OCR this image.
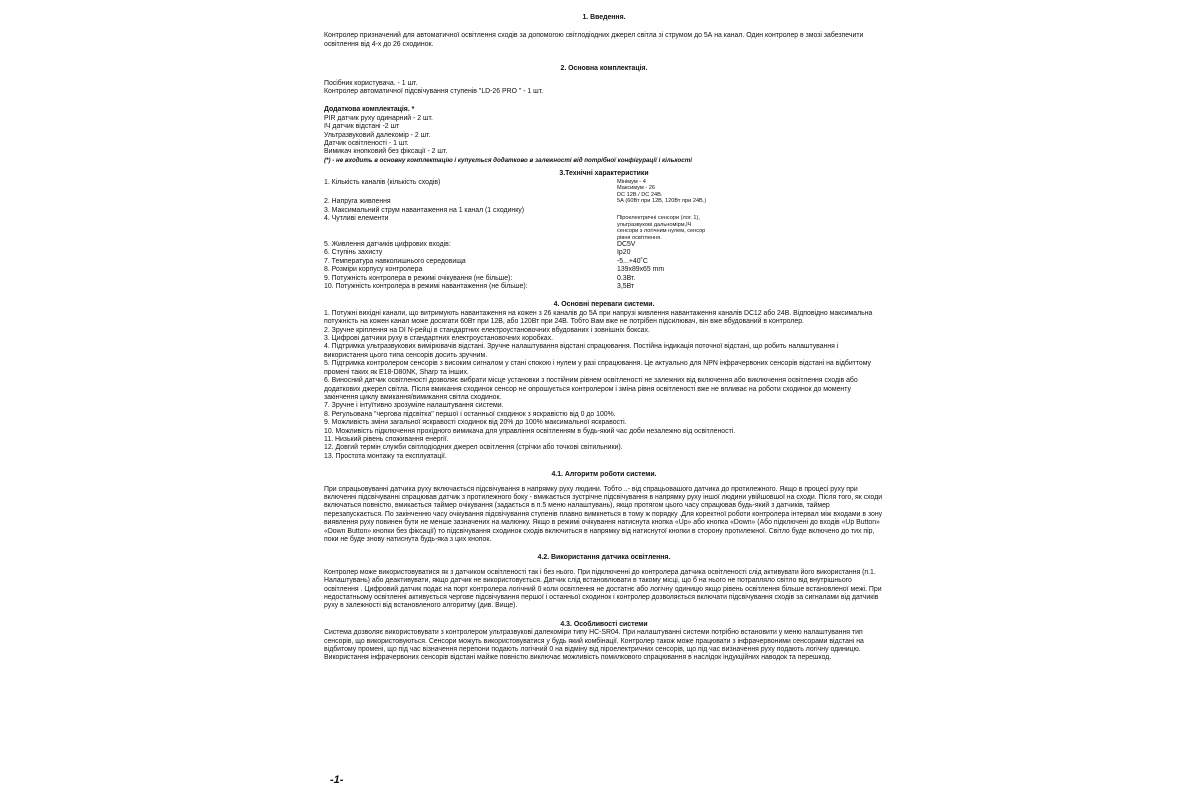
1. Введення.

Контролер призначений для автоматичної освітлення сходів за допомогою світлодіодних джерел світла зі струмом до 5А на канал. Один контролер в змозі забезпечити освітлення від 4-х до 26 сходинок.

2. Основна комплектація.

Посібник користувача. - 1 шт.

Контролер автоматичної підсвічування ступенів "LD-26 PRO " - 1 шт.

Додаткова комплектація. *

PIR датчик руху одинарний - 2 шт.

ІЧ датчик відстані -2 шт

Ультразвуковий далекомір - 2 шт.

Датчик освітленості - 1 шт.

Вимикач кнопковий без фіксації - 2 шт.

(*) - не входить в основну комплектацію і купується додатково в залежності від потрібної конфігурації і кількості

3.Технічні характеристики

1. Кількість каналів (кількість сходів)	Мінімум - 4
Максимум - 26
DC 12В / DC 24В.
2. Напруга живлення	5А (60Вт при 12В, 120Вт при 24В.)
3. Максимальний струм навантаження на 1 канал (1 сходинку)
4. Чутливі елементи	Піроелектричні сенсори (лог. 1),
ультразвукові дальномірм,ІЧ
сенсори з логічним нулем, сенсор
рівня освітлення.
5. Живлення датчиків цифрових входів:	DC5V
6. Ступінь захисту	Ip20
7. Температура навколишнього середовища	-5...+40˚C
8. Розміри корпусу контролера	139х89х65 mm
9. Потужність контролера в режимі очікування (не більше):	0.3Вт.
10. Потужність контролера в режимі навантаження (не більше):	3,5Вт

4. Основні переваги системи.

1. Потужні вихідні канали, що витримують навантаження на кожен з 26 каналів до 5А при напрузі живлення навантаження каналів DC12 або 24В. Відповідно максимальна потужність на кожен канал може досягати 60Вт при 12В, або 120Вт при 24В. Тобто Вам вже не потрібен підсилювач, він вже вбудований в контролер.

2. Зручне кріплення на DI N-рейці в стандартних електроустановочних вбудованих і зовнішніх боксах.

3. Цифрові датчики руху в стандартних електроустановочних коробках.

4. Підтримка ультразвукових вимірювачів відстані. Зручне налаштування відстані спрацювання. Постійна індикація поточної відстані, що робить налаштування і використання цього типа сенсорів досить зручним.

5. Підтримка контролером сенсорів з високим сигналом у стані спокою і нулем у разі спрацювання. Це актуально для NPN інфрачервоних сенсорів відстані на відбиттому промені таких як E18-D80NK, Sharp та інших.

6. Виносний датчик освітленості дозволяє вибрати місце установки з постійним рівнем освітленості не залежних від включення або виключення освітлення сходів або додаткових джерел світла. Після вмикання сходинок сенсор не опрошується контролером і зміна рівня освітленості вже не впливає на роботи сходинок до моменту закінчення циклу вмикання/вимикання світла сходинок.

7. Зручне і інтуїтивно зрозуміле налаштування системи.

8. Регульована "чергова підсвітка" першої і останньої сходинок з яскравістю від 0 до 100%.

9. Можливість зміни загальної яскравості сходинок від 20% до 100% максимальної яскравості.

10. Можливість підключення прохідного вимикача для управління освітленням в будь-який час доби незалежно від освітленості.

11. Низький рівень споживання енергії.

12. Довгий термін служби світлодіодних джерел освітлення (стрічки або точкові світильники).

13. Простота монтажу та експлуатації.

4.1. Алгоритм роботи системи.

При спрацьовуванні датчика руху включається підсвічування в напрямку руху людини. Тобто ..- від спрацьовашого датчика до протилежного. Якщо в процесі руху при включенні підсвічуванні спрацював датчик з протилежного боку - вмикається зустрічне підсвічування в напрямку руху іншої людини увійшовшої на сходи. Після того, як сходи включаться повністю, вмикається таймер очікування (задається в п.5 меню налаштувань), якщо протягом цього часу спрацював будь-який з датчиків, таймер перезапускається. По закінченню часу очікування підсвічування ступенів плавно вимкнеться в тому ж порядку .Для коректної роботи контролера інтервал між входами в зону виявлення руху повинен бути не менше зазначених на малюнку. Якщо в режимі очікування натиснута кнопка «Up» або кнопка «Down» (Або підключені до входів «Up Button» «Down Button» кнопки без фіксації) то підсвічування сходинок сходів включиться в напрямку від натиснутої кнопки в сторону протилежної. Світло буде включено до тих пір, поки не буде знову натиснута будь-яка з цих кнопок.

4.2. Використання датчика освітлення.

Контролер може використовуватися як з датчиком освітленості так і без нього. При підключенні до контролера датчика освітленості слід активувати його використання (п.1. Налаштувань) або деактивувати, якщо датчик не використовується. Датчик слід встановлювати в такому місці, що б на нього не потрапляло світло від внутрішнього освітлення . Цифровий датчик подає на порт контролера логічний 0 коли освітлення не достатнє або логічну одиницю якщо рівень освітлення більше встановленої межі. При недостатньому освітленні активується чергове підсвічування першої і останньої сходинок і контролер дозволяється включати підсвічування сходів за сигналами від датчиків руху в залежності від встановленого алгоритму (див. Вище).

4.3. Особливості системи

Система дозволяє використовувати з контролером ультразвукові далекоміри типу HC-SR04. При налаштуванні системи потрібно встановити у меню налаштування тип сенсорів, що використовуються. Сенсори можуть використовуватися у будь який комбінації. Контролер також може працювати з інфрачервоними сенсорами відстані на відбитому промені, що під час візначення перепони подають логічний 0 на відміну від піроелектричних сенсорів, що під час визначення руху подають логічну одиницю. Використання інфрачервоних сенсорів відстані майже повністю виключає можливість помилкового спрацювання в наслідок індукційних наводок та перешкод.

-1-
